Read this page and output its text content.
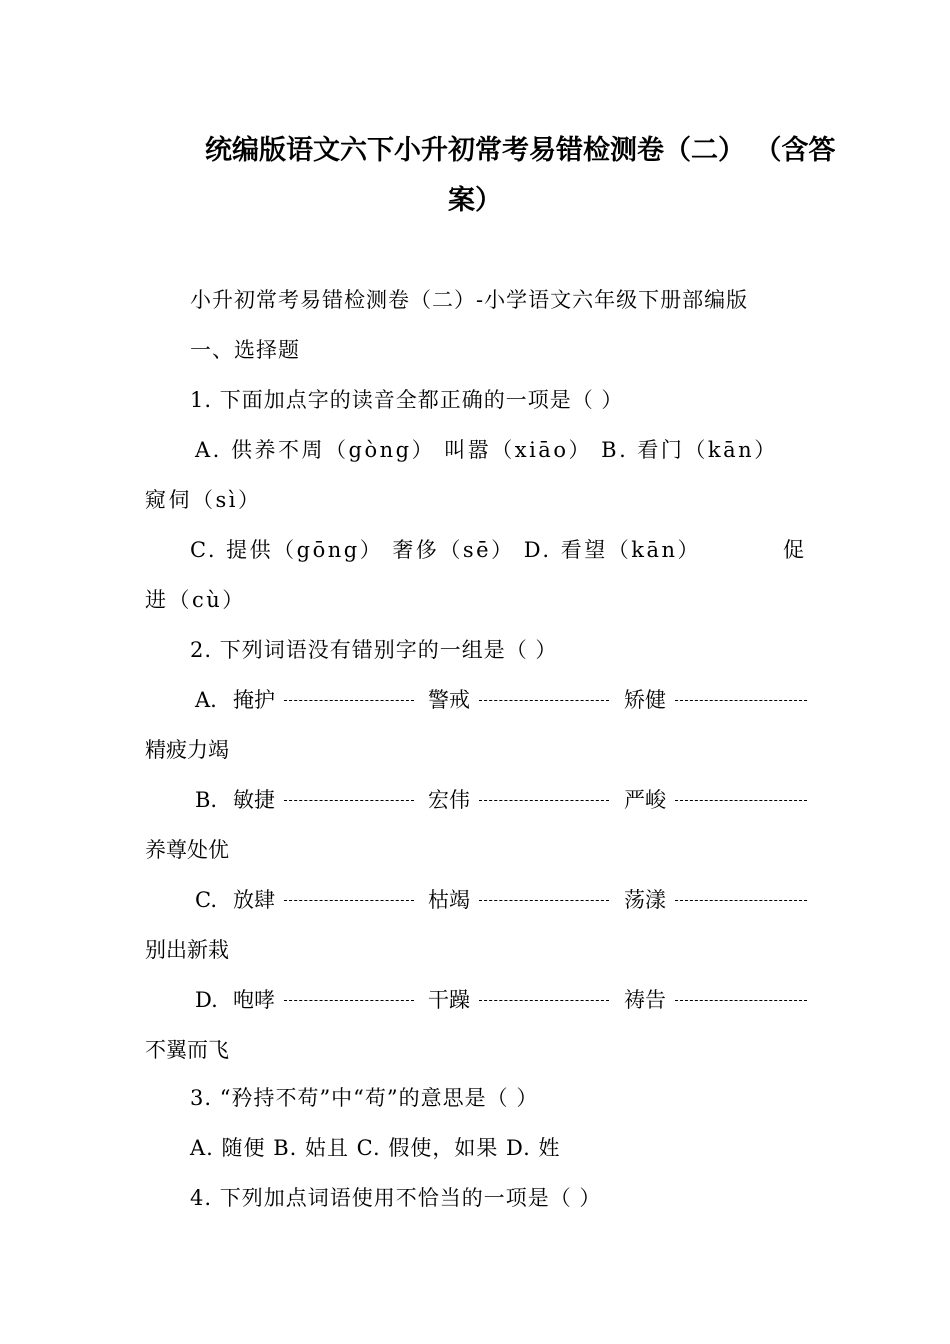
统编版语文六下小升初常考易错检测卷（二） （含答
案）
小升初常考易错检测卷（二）-小学语文六年级下册部编版
一、选择题
1. 下面加点字的读音全都正确的一项是（ ）
A. 供养不周（gòng） 叫嚣（xiāo） B. 看门（kān）
窥伺（sì）
C. 提供（gōng） 奢侈（sē） D. 看望（kān）	促
进（cù）
2. 下列词语没有错别字的一组是（ ）
A. 掩护	警戒	矫健
精疲力竭
B. 敏捷	宏伟	严峻
养尊处优
C. 放肆	枯竭	荡漾
别出新栽
D. 咆哮	干躁	祷告
不翼而飞
3. “矜持不苟”中“苟”的意思是（ ）
A. 随便 B. 姑且 C. 假使，如果 D. 姓
4. 下列加点词语使用不恰当的一项是（ ）
